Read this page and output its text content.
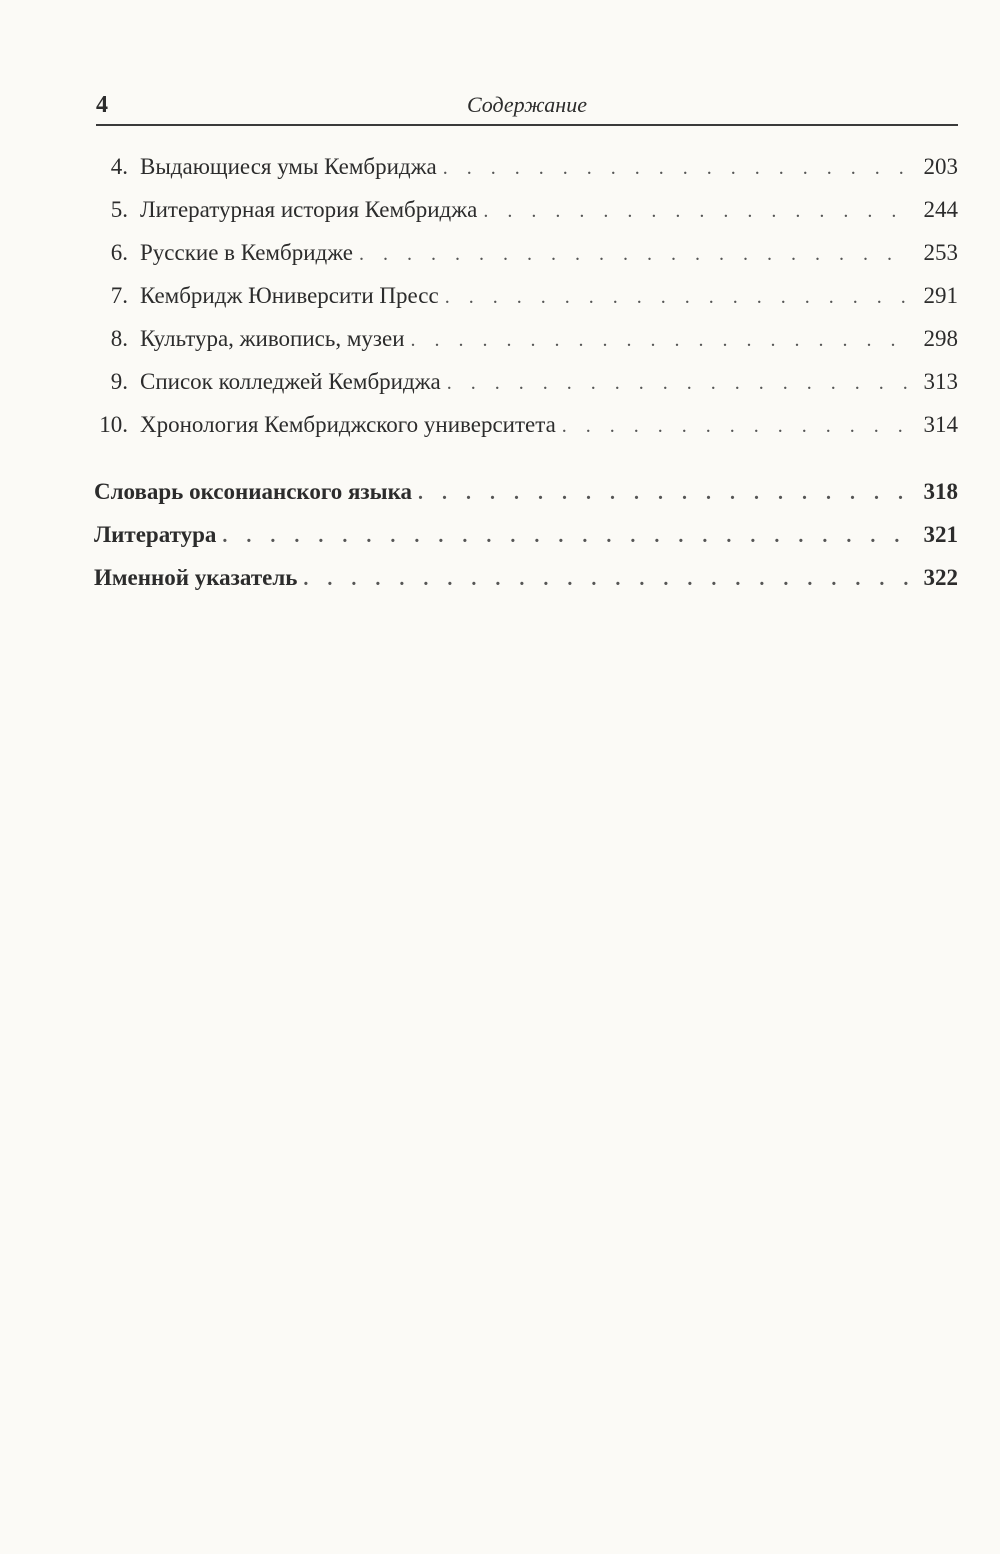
4	Содержание
4. Выдающиеся умы Кембриджа . . .	203
5. Литературная история Кембриджа . . .	244
6. Русские в Кембридже . . .	253
7. Кембридж Юниверсити Пресс . . .	291
8. Культура, живопись, музеи . . .	298
9. Список колледжей Кембриджа . . .	313
10. Хронология Кембриджского университета . . .	314
Словарь оксонианского языка . . .	318
Литература . . .	321
Именной указатель . . .	322
